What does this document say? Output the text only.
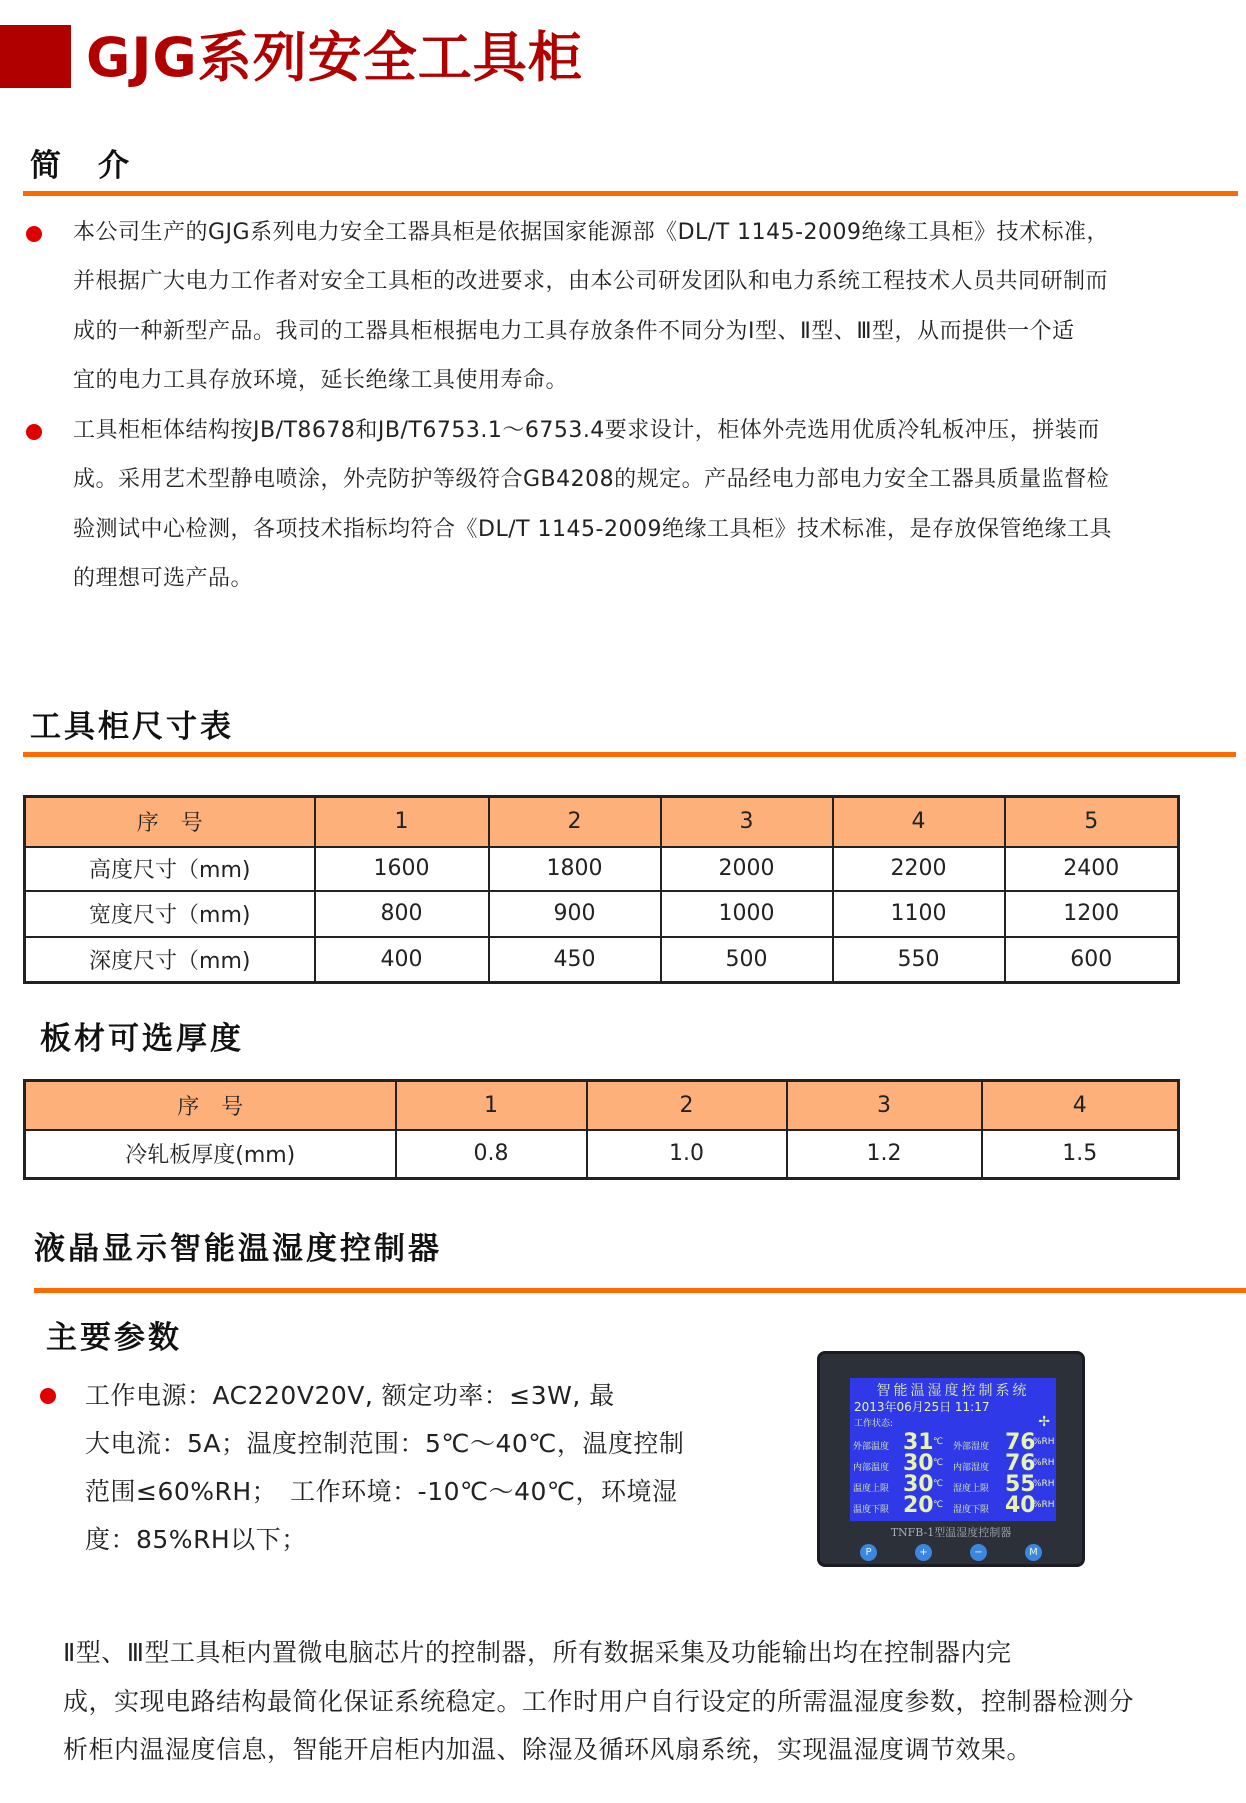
GJG系列安全工具柜
简　介
本公司生产的GJG系列电力安全工器具柜是依据国家能源部《DL/T 1145-2009绝缘工具柜》技术标准，
并根据广大电力工作者对安全工具柜的改进要求，由本公司研发团队和电力系统工程技术人员共同研制而
成的一种新型产品。我司的工器具柜根据电力工具存放条件不同分为Ⅰ型、Ⅱ型、Ⅲ型，从而提供一个适
宜的电力工具存放环境，延长绝缘工具使用寿命。
工具柜柜体结构按JB/T8678和JB/T6753.1～6753.4要求设计，柜体外壳选用优质冷轧板冲压，拼装而
成。采用艺术型静电喷涂，外壳防护等级符合GB4208的规定。产品经电力部电力安全工器具质量监督检
验测试中心检测，各项技术指标均符合《DL/T 1145-2009绝缘工具柜》技术标准，是存放保管绝缘工具
的理想可选产品。
工具柜尺寸表
序　号	1	2	3	4	5
高度尺寸（mm)	1600	1800	2000	2200	2400
宽度尺寸（mm)	800	900	1000	1100	1200
深度尺寸（mm)	400	450	500	550	600
板材可选厚度
序　号	1	2	3	4
冷轧板厚度(mm)	0.8	1.0	1.2	1.5
液晶显示智能温湿度控制器
主要参数
工作电源：AC220V20V, 额定功率：≤3W, 最
大电流：5A；温度控制范围：5℃～40℃，温度控制
范围≤60%RH；　工作环境：-10℃～40℃，环境湿
度：85%RH以下；
智能温湿度控制系统
2013年06月25日 11:17
工作状态:	✢
外部温度 31 ℃ 外部湿度 76
%RH
内部温度 30 ℃ 内部湿度 76
%RH
温度上限 30 ℃ 湿度上限 55
%RH
温度下限 20 ℃ 湿度下限 40
%RH
TNFB-1型温湿度控制器
P	+	−	M
Ⅱ型、Ⅲ型工具柜内置微电脑芯片的控制器，所有数据采集及功能输出均在控制器内完
成，实现电路结构最简化保证系统稳定。工作时用户自行设定的所需温湿度参数，控制器检测分
析柜内温湿度信息，智能开启柜内加温、除湿及循环风扇系统，实现温湿度调节效果。
